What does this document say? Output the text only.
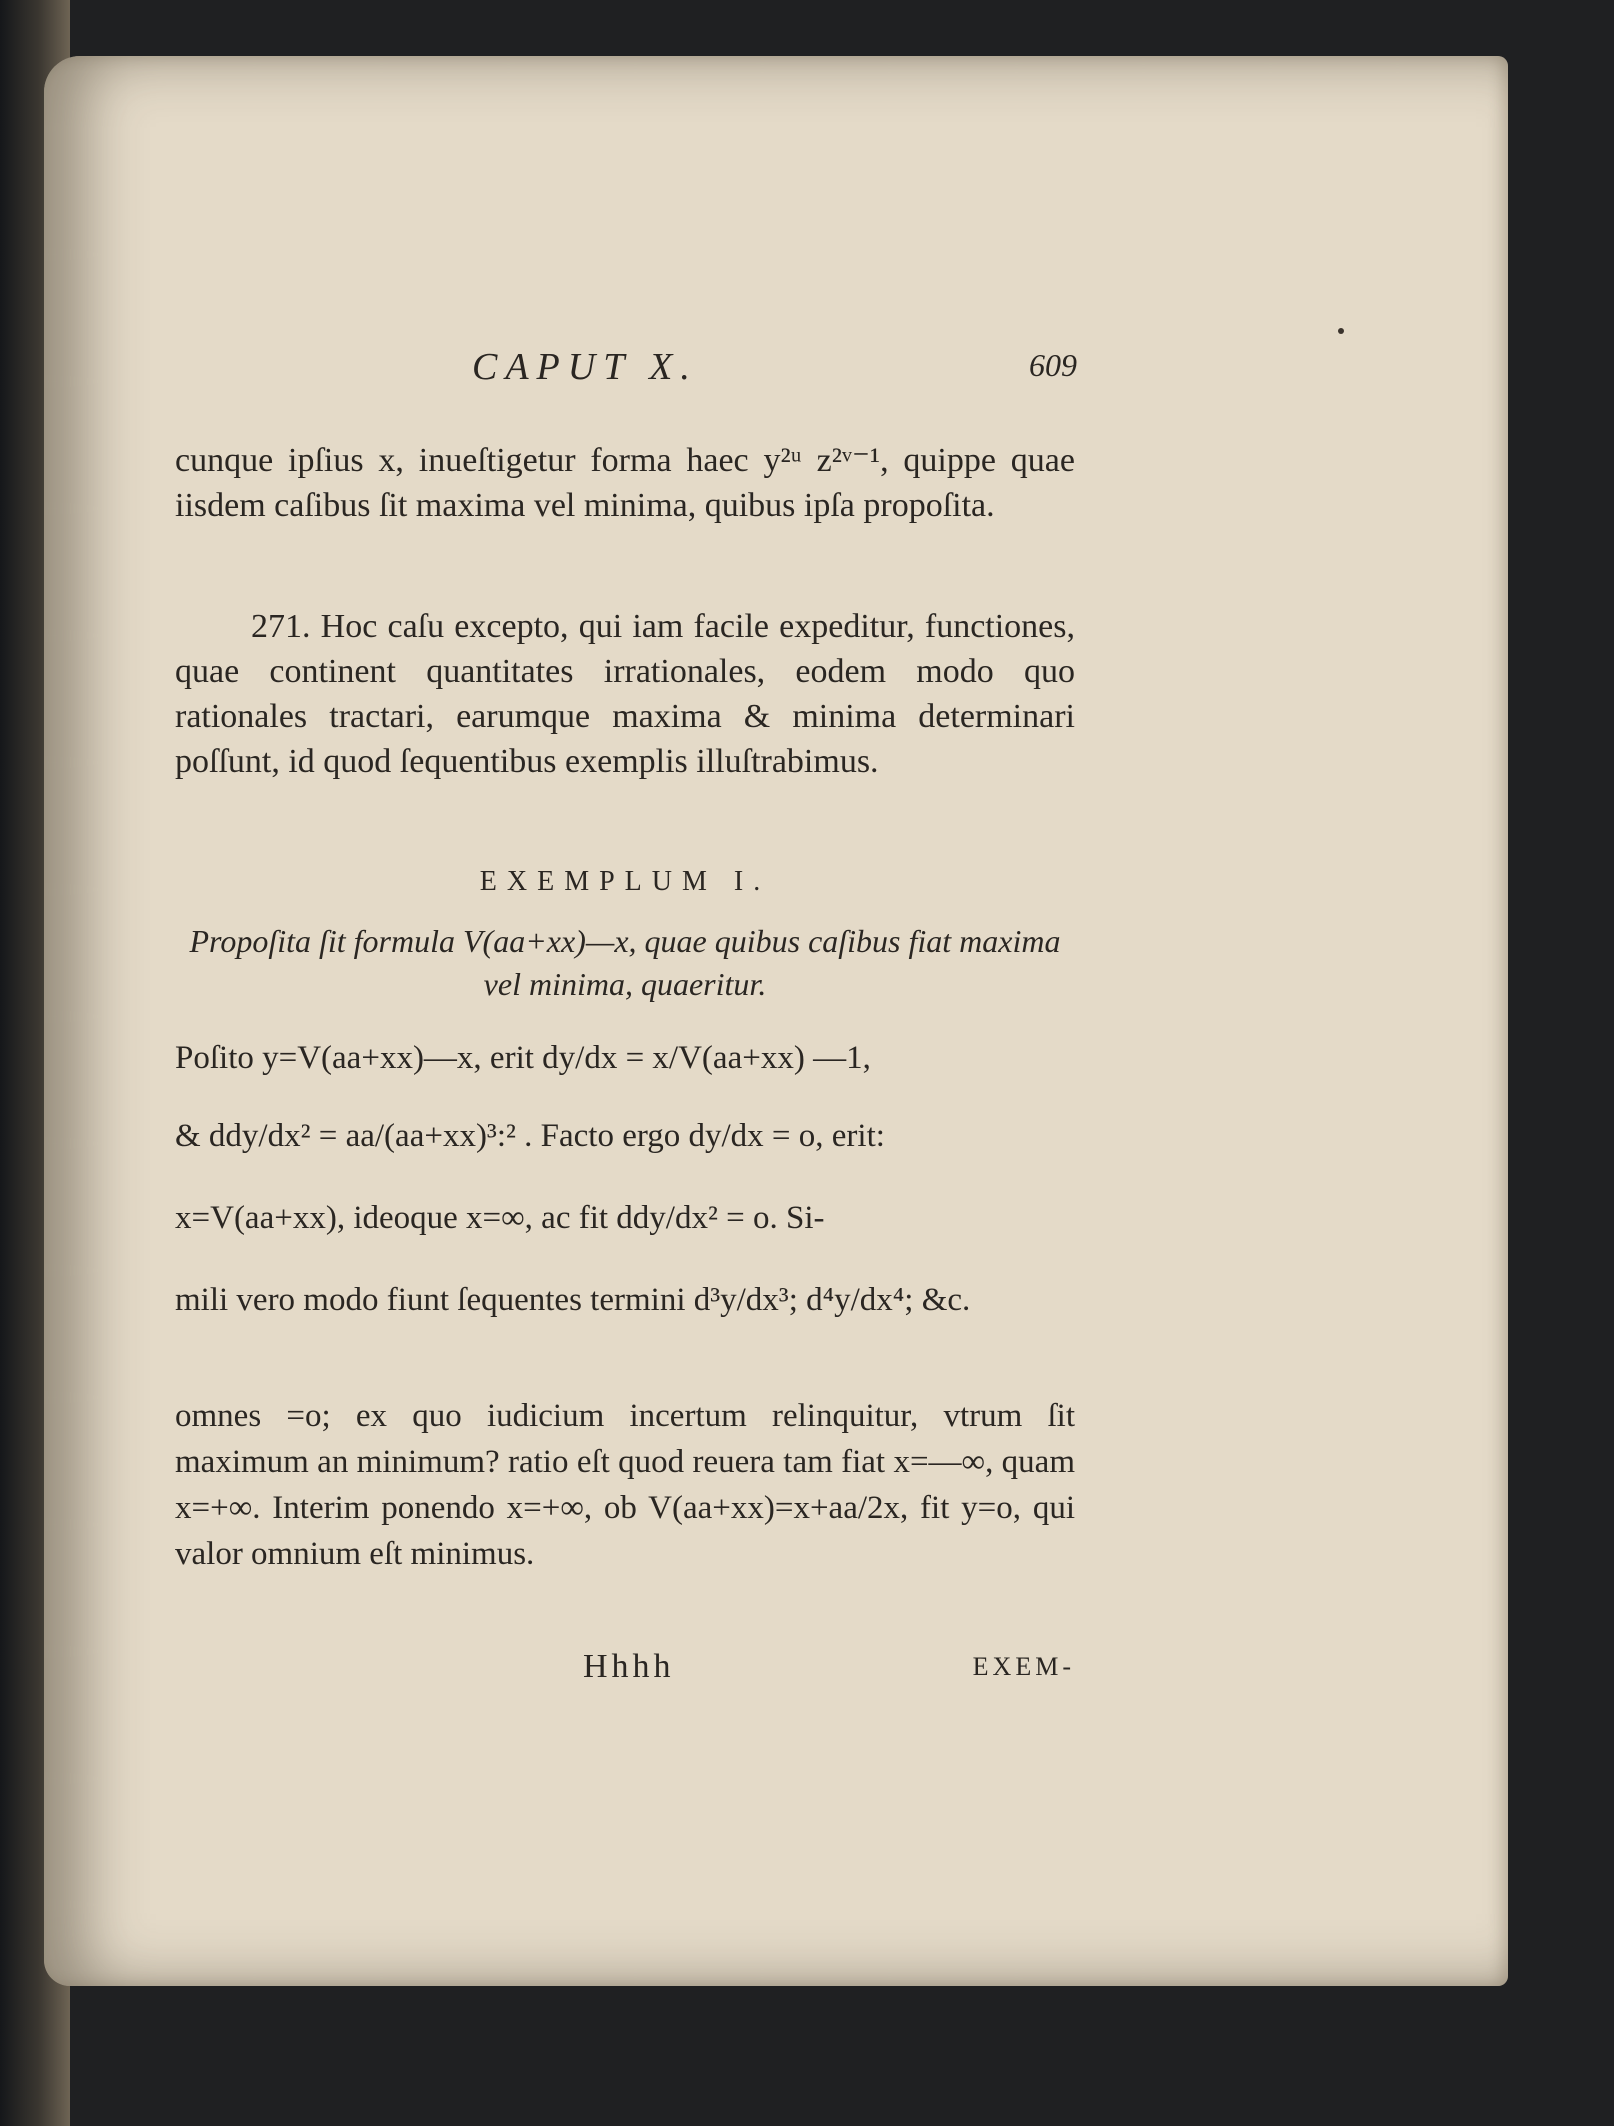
CAPUT X.	609

cunque ipſius x, inueſtigetur forma haec y²ᵘ z²ᵛ⁻¹, quippe quae iisdem caſibus ſit maxima vel minima, quibus ipſa propoſita.

271. Hoc caſu excepto, qui iam facile expeditur, functiones, quae continent quantitates irrationales, eodem modo quo rationales tractari, earumque maxima & minima determinari poſſunt, id quod ſequentibus exemplis illuſtrabimus.

EXEMPLUM I.
Propoſita ſit formula V(aa+xx)—x, quae quibus caſibus fiat maxima vel minima, quaeritur.
Poſito y=V(aa+xx)—x, erit dy/dx = x/V(aa+xx) —1,
& ddy/dx² = aa/(aa+xx)³:² . Facto ergo dy/dx = o, erit:
x=V(aa+xx), ideoque x=∞, ac fit ddy/dx² = o. Si-
mili vero modo fiunt ſequentes termini d³y/dx³; d⁴y/dx⁴; &c.

omnes =o; ex quo iudicium incertum relinquitur, vtrum ſit maximum an minimum? ratio eſt quod reuera tam fiat x=—∞, quam x=+∞. Interim ponendo x=+∞, ob V(aa+xx)=x+aa/2x, fit y=o, qui valor omnium eſt minimus.

Hhhh	EXEM-
